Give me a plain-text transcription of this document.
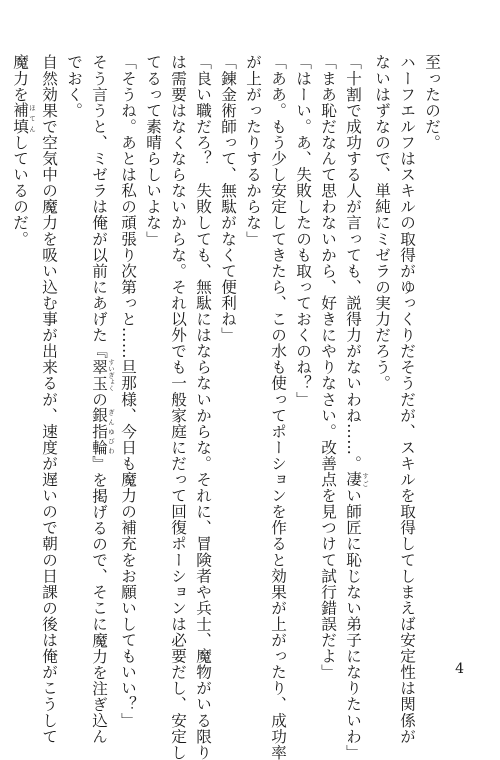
至ったのだ。
ハーフエルフはスキルの取得がゆっくりだそうだが、スキルを取得してしまえば安定性は関係が
ないはずなので、単純にミゼラの実力だろう。
「十割で成功する人が言っても、説得力がないわね……。凄 すごい師匠に恥じない弟子になりたいわ」
「まあ恥だなんて思わないから、好きにやりなさい。改善点を見つけて試行錯誤だよ」
「はーい。あ、失敗したのも取っておくのね？」
「ああ。もう少し安定してきたら、この水も使ってポーションを作ると効果が上がったり、成功率
が上がったりするからな」
「錬金術師って、無駄がなくて便利ね」
「良い職だろ？　失敗しても、無駄にはならないからな。それに、冒険者や兵士、魔物がいる限り
は需要はなくならないからな。それ以外でも一般家庭にだって回復ポーションは必要だし、安定し
てるって素晴らしいよな」
「そうね。あとは私の頑張り次第っと……旦那様、今日も魔力の補充をお願いしてもいい？」
そう言うと、ミゼラは俺が以前にあげた『翠玉 すいぎょくの銀指輪 ぎんゆびわ』を掲げるので、そこに魔力を注ぎ込ん
でおく。
自然効果で空気中の魔力を吸い込む事が出来るが、速度が遅いので朝の日課の後は俺がこうして
魔力を補填 ほてんしているのだ。
4
